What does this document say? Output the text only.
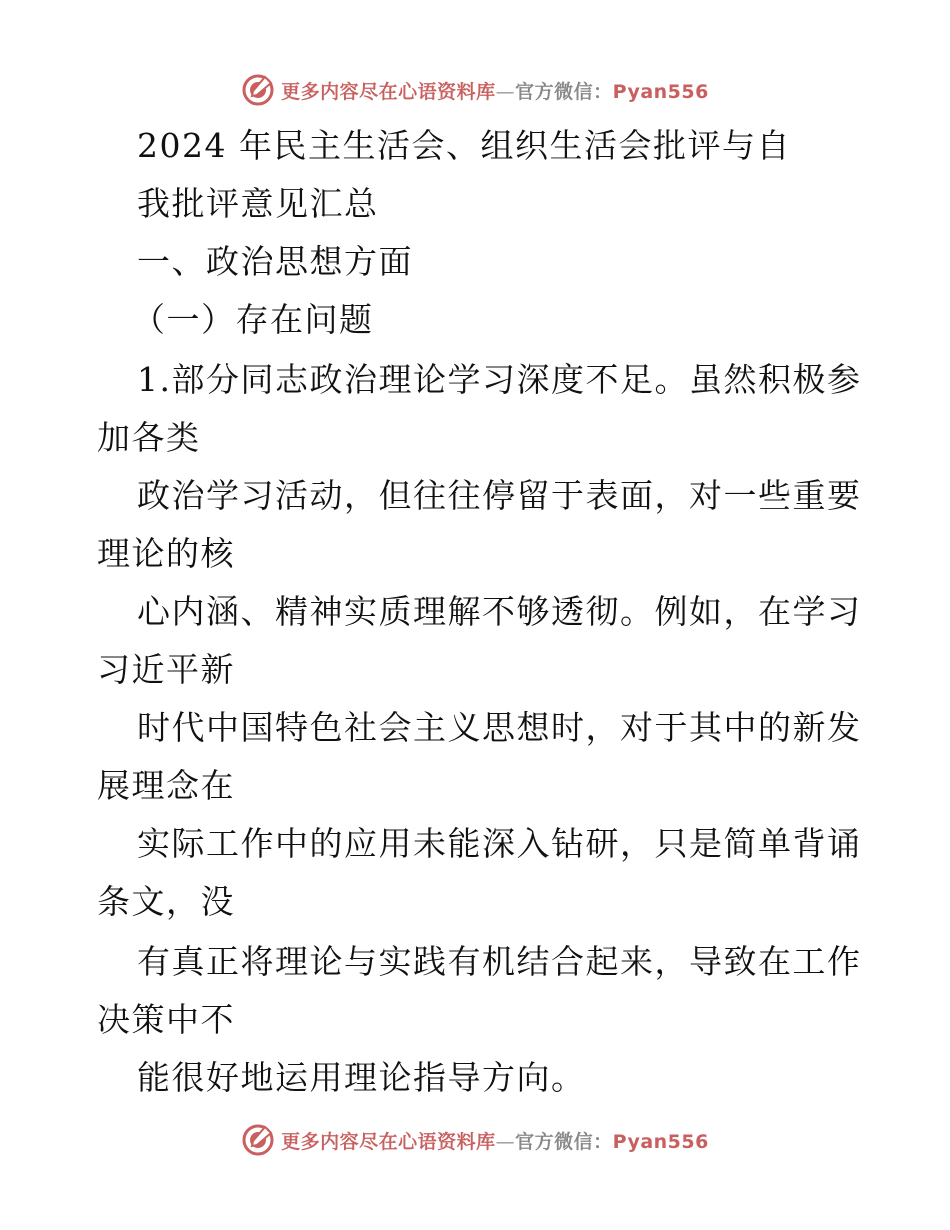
更多内容尽在心语资料库—官方微信：Pyan556
2024 年民主生活会、组织生活会批评与自
我批评意见汇总
一、政治思想方面
（一）存在问题
1.部分同志政治理论学习深度不足。虽然积极参
加各类
政治学习活动，但往往停留于表面，对一些重要
理论的核
心内涵、精神实质理解不够透彻。例如，在学习
习近平新
时代中国特色社会主义思想时，对于其中的新发
展理念在
实际工作中的应用未能深入钻研，只是简单背诵
条文，没
有真正将理论与实践有机结合起来，导致在工作
决策中不
能很好地运用理论指导方向。
更多内容尽在心语资料库—官方微信：Pyan556
